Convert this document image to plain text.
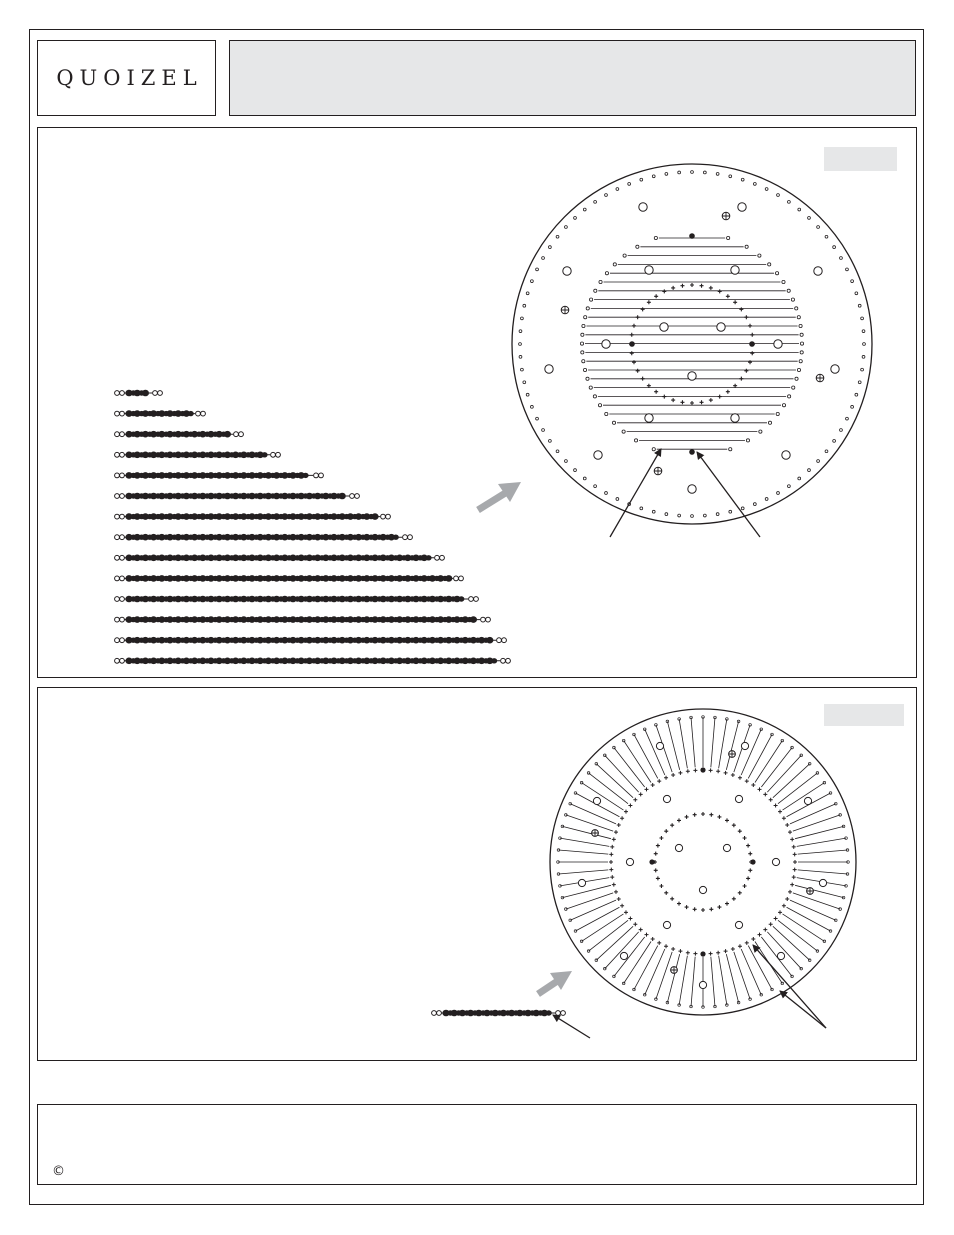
QUOIZEL
©
